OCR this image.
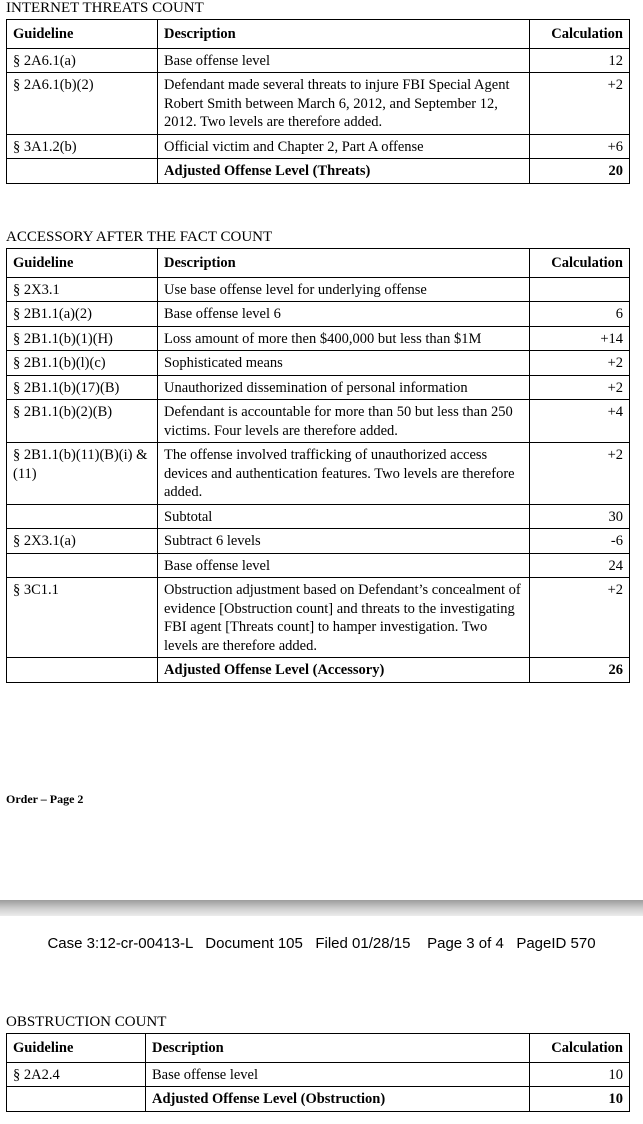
INTERNET THREATS COUNT
Guideline	Description	Calculation
§ 2A6.1(a)	Base offense level	12
§ 2A6.1(b)(2)	Defendant made several threats to injure FBI Special Agent Robert Smith between March 6, 2012, and September 12, 2012. Two levels are therefore added.	+2
§ 3A1.2(b)	Official victim and Chapter 2, Part A offense	+6
	Adjusted Offense Level (Threats)	20
ACCESSORY AFTER THE FACT COUNT
Guideline	Description	Calculation
§ 2X3.1	Use base offense level for underlying offense	
§ 2B1.1(a)(2)	Base offense level 6	6
§ 2B1.1(b)(1)(H)	Loss amount of more then $400,000 but less than $1M	+14
§ 2B1.1(b)(l)(c)	Sophisticated means	+2
§ 2B1.1(b)(17)(B)	Unauthorized dissemination of personal information	+2
§ 2B1.1(b)(2)(B)	Defendant is accountable for more than 50 but less than 250 victims. Four levels are therefore added.	+4
§ 2B1.1(b)(11)(B)(i) & (11)	The offense involved trafficking of unauthorized access devices and authentication features. Two levels are therefore added.	+2
	Subtotal	30
§ 2X3.1(a)	Subtract 6 levels	-6
	Base offense level	24
§ 3C1.1	Obstruction adjustment based on Defendant’s concealment of evidence [Obstruction count] and threats to the investigating FBI agent [Threats count] to hamper investigation. Two levels are therefore added.	+2
	Adjusted Offense Level (Accessory)	26
Order – Page 2
Case 3:12-cr-00413-L   Document 105   Filed 01/28/15    Page 3 of 4   PageID 570
OBSTRUCTION COUNT
Guideline	Description	Calculation
§ 2A2.4	Base offense level	10
	Adjusted Offense Level (Obstruction)	10
